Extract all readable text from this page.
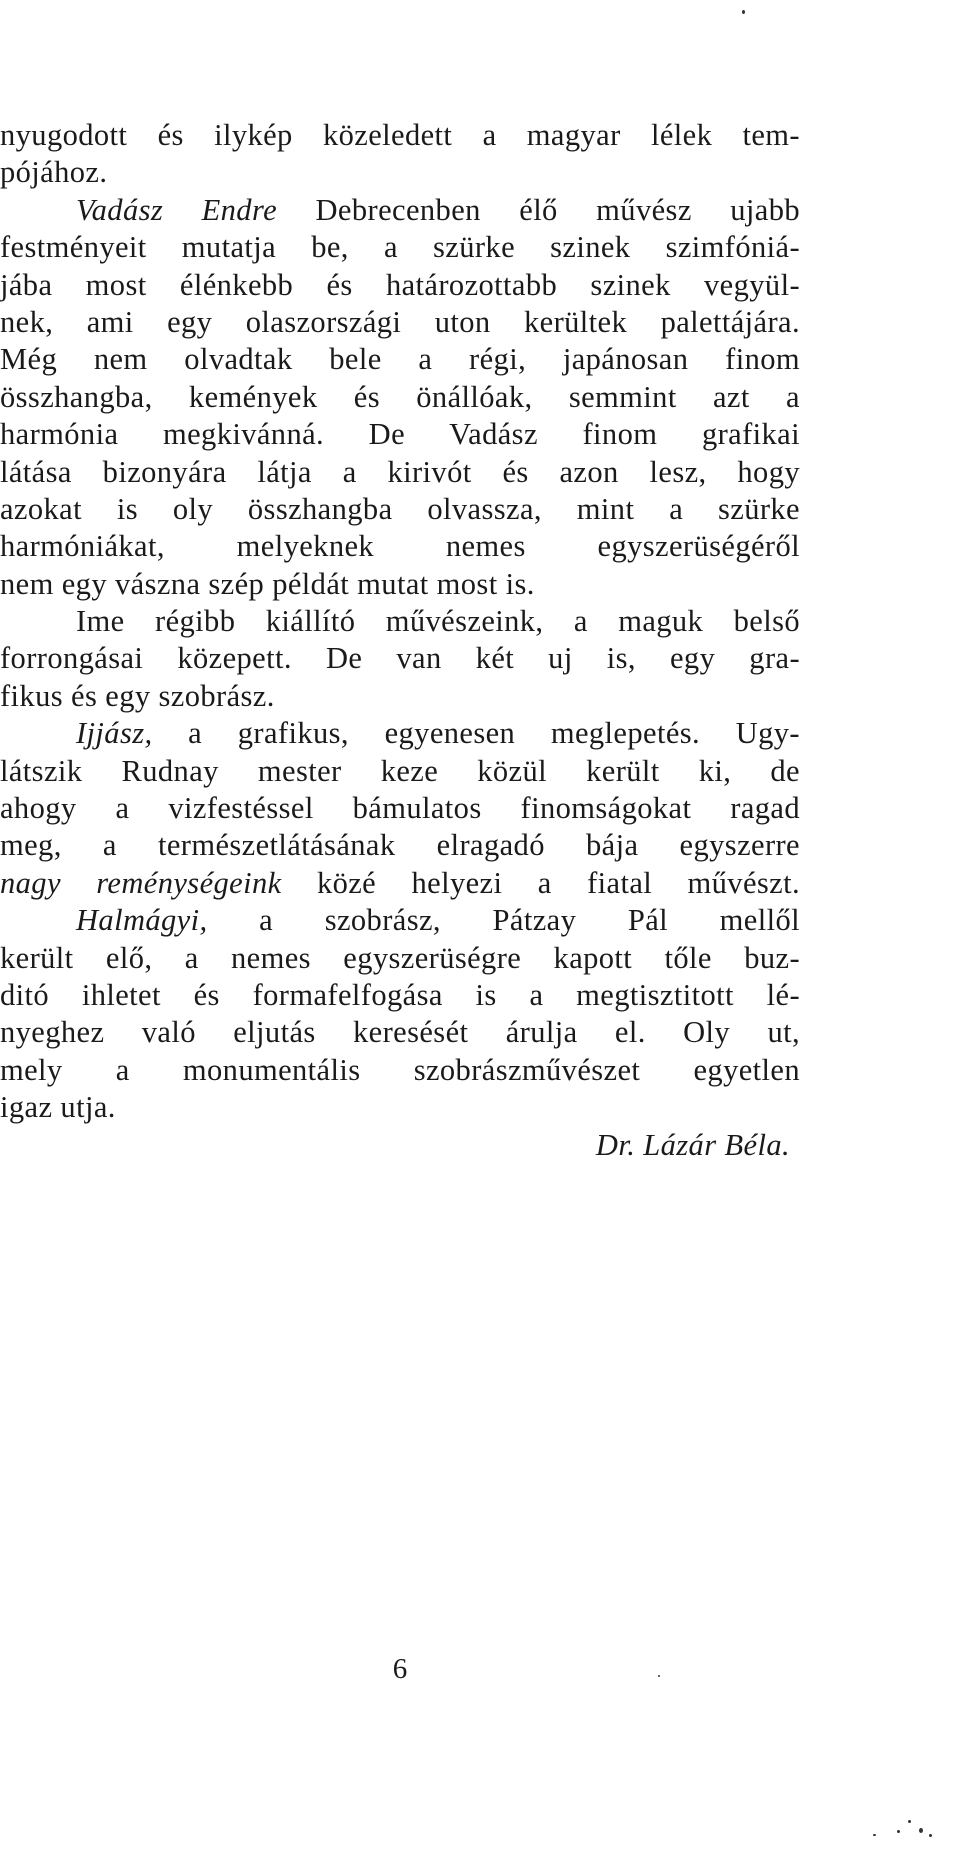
nyugodott és ilykép közeledett a magyar lélek tem-
pójához.
Vadász Endre Debrecenben élő művész ujabb
festményeit mutatja be, a szürke szinek szimfóniá-
jába most élénkebb és határozottabb szinek vegyül-
nek, ami egy olaszországi uton kerültek palettájára.
Még nem olvadtak bele a régi, japánosan finom
összhangba, kemények és önállóak, semmint azt a
harmónia megkivánná. De Vadász finom grafikai
látása bizonyára látja a kirivót és azon lesz, hogy
azokat is oly összhangba olvassza, mint a szürke
harmóniákat, melyeknek nemes egyszerüségéről
nem egy vászna szép példát mutat most is.
Ime régibb kiállító művészeink, a maguk belső
forrongásai közepett. De van két uj is, egy gra-
fikus és egy szobrász.
Ijjász, a grafikus, egyenesen meglepetés. Ugy-
látszik Rudnay mester keze közül került ki, de
ahogy a vizfestéssel bámulatos finomságokat ragad
meg, a természetlátásának elragadó bája egyszerre
nagy reménységeink közé helyezi a fiatal művészt.
Halmágyi, a szobrász, Pátzay Pál mellől
került elő, a nemes egyszerüségre kapott tőle buz-
ditó ihletet és formafelfogása is a megtisztitott lé-
nyeghez való eljutás keresését árulja el. Oly ut,
mely a monumentális szobrászművészet egyetlen
igaz utja.
Dr. Lázár Béla.
6
